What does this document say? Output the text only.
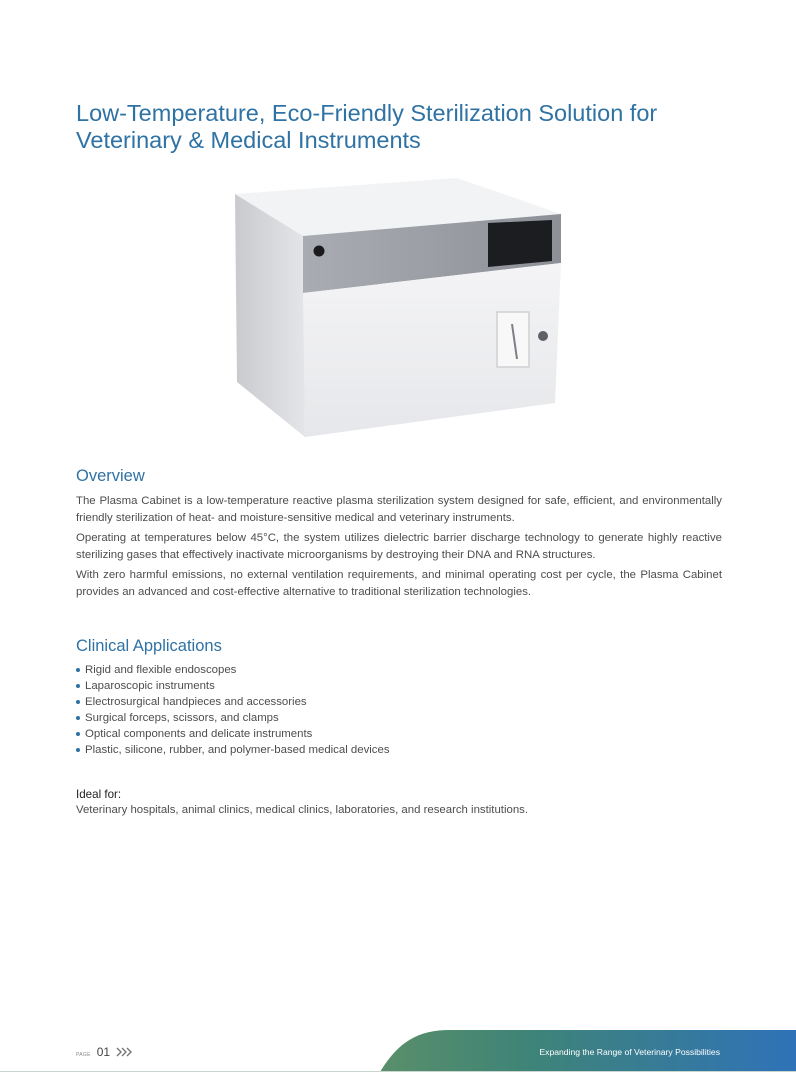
Low-Temperature, Eco-Friendly Sterilization Solution for Veterinary & Medical Instruments
Overview

The Plasma Cabinet is a low-temperature reactive plasma sterilization system designed for safe, efficient, and environmentally friendly sterilization of heat- and moisture-sensitive medical and veterinary instruments.

Operating at temperatures below 45°C, the system utilizes dielectric barrier discharge technology to generate highly reactive sterilizing gases that effectively inactivate microorganisms by destroying their DNA and RNA structures.

With zero harmful emissions, no external ventilation requirements, and minimal operating cost per cycle, the Plasma Cabinet provides an advanced and cost-effective alternative to traditional sterilization technologies.

Clinical Applications
Rigid and flexible endoscopes
Laparoscopic instruments
Electrosurgical handpieces and accessories
Surgical forceps, scissors, and clamps
Optical components and delicate instruments
Plastic, silicone, rubber, and polymer-based medical devices
Ideal for:
Veterinary hospitals, animal clinics, medical clinics, laboratories, and research institutions.
PAGE 01	Expanding the Range of Veterinary Possibilities
